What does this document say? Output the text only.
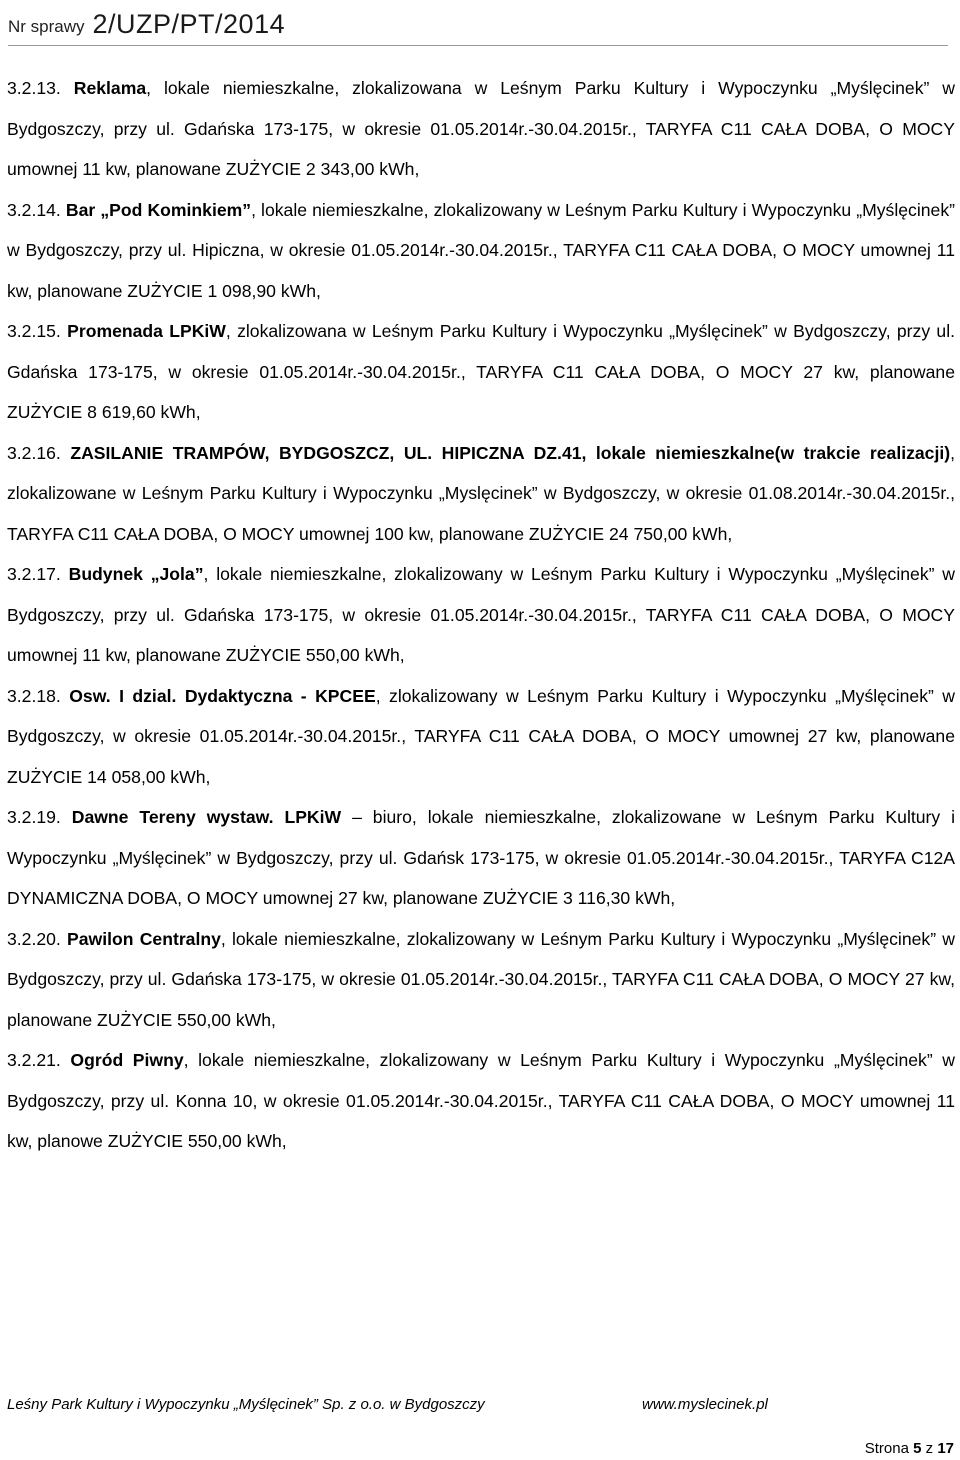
Nr sprawy 2/UZP/PT/2014

3.2.13. Reklama, lokale niemieszkalne, zlokalizowana w Leśnym Parku Kultury i Wypoczynku „Myślęcinek” w Bydgoszczy, przy ul. Gdańska 173-175, w okresie 01.05.2014r.-30.04.2015r., TARYFA C11 CAŁA DOBA, O MOCY umownej 11 kw, planowane ZUŻYCIE 2 343,00 kWh,

3.2.14. Bar „Pod Kominkiem”, lokale niemieszkalne, zlokalizowany w Leśnym Parku Kultury i Wypoczynku „Myślęcinek” w Bydgoszczy, przy ul. Hipiczna, w okresie 01.05.2014r.-30.04.2015r., TARYFA C11 CAŁA DOBA, O MOCY umownej 11 kw, planowane ZUŻYCIE 1 098,90 kWh,

3.2.15. Promenada LPKiW, zlokalizowana w Leśnym Parku Kultury i Wypoczynku „Myślęcinek” w Bydgoszczy, przy ul. Gdańska 173-175, w okresie 01.05.2014r.-30.04.2015r., TARYFA C11 CAŁA DOBA, O MOCY 27 kw, planowane ZUŻYCIE 8 619,60 kWh,

3.2.16. ZASILANIE TRAMPÓW, BYDGOSZCZ, UL. HIPICZNA DZ.41, lokale niemieszkalne(w trakcie realizacji), zlokalizowane w Leśnym Parku Kultury i Wypoczynku „Myslęcinek” w Bydgoszczy, w okresie 01.08.2014r.-30.04.2015r., TARYFA C11 CAŁA DOBA, O MOCY umownej 100 kw, planowane ZUŻYCIE 24 750,00 kWh,

3.2.17. Budynek „Jola”, lokale niemieszkalne, zlokalizowany w Leśnym Parku Kultury i Wypoczynku „Myślęcinek” w Bydgoszczy, przy ul. Gdańska 173-175, w okresie 01.05.2014r.-30.04.2015r., TARYFA C11 CAŁA DOBA, O MOCY umownej 11 kw, planowane ZUŻYCIE 550,00 kWh,

3.2.18. Osw. I dzial. Dydaktyczna - KPCEE, zlokalizowany w Leśnym Parku Kultury i Wypoczynku „Myślęcinek” w Bydgoszczy, w okresie 01.05.2014r.-30.04.2015r., TARYFA C11 CAŁA DOBA, O MOCY umownej 27 kw, planowane ZUŻYCIE 14 058,00 kWh,

3.2.19. Dawne Tereny wystaw. LPKiW – biuro, lokale niemieszkalne, zlokalizowane w Leśnym Parku Kultury i Wypoczynku „Myślęcinek” w Bydgoszczy, przy ul. Gdańsk 173-175, w okresie 01.05.2014r.-30.04.2015r., TARYFA C12A DYNAMICZNA DOBA, O MOCY umownej 27 kw, planowane ZUŻYCIE 3 116,30 kWh,

3.2.20. Pawilon Centralny, lokale niemieszkalne, zlokalizowany w Leśnym Parku Kultury i Wypoczynku „Myślęcinek” w Bydgoszczy, przy ul. Gdańska 173-175, w okresie 01.05.2014r.-30.04.2015r., TARYFA C11 CAŁA DOBA, O MOCY 27 kw, planowane ZUŻYCIE 550,00 kWh,

3.2.21. Ogród Piwny, lokale niemieszkalne, zlokalizowany w Leśnym Parku Kultury i Wypoczynku „Myślęcinek” w Bydgoszczy, przy ul. Konna 10, w okresie 01.05.2014r.-30.04.2015r., TARYFA C11 CAŁA DOBA, O MOCY umownej 11 kw, planowe ZUŻYCIE 550,00 kWh,

Leśny Park Kultury i Wypoczynku „Myślęcinek” Sp. z o.o. w Bydgoszczy	www.myslecinek.pl
Strona 5 z 17
